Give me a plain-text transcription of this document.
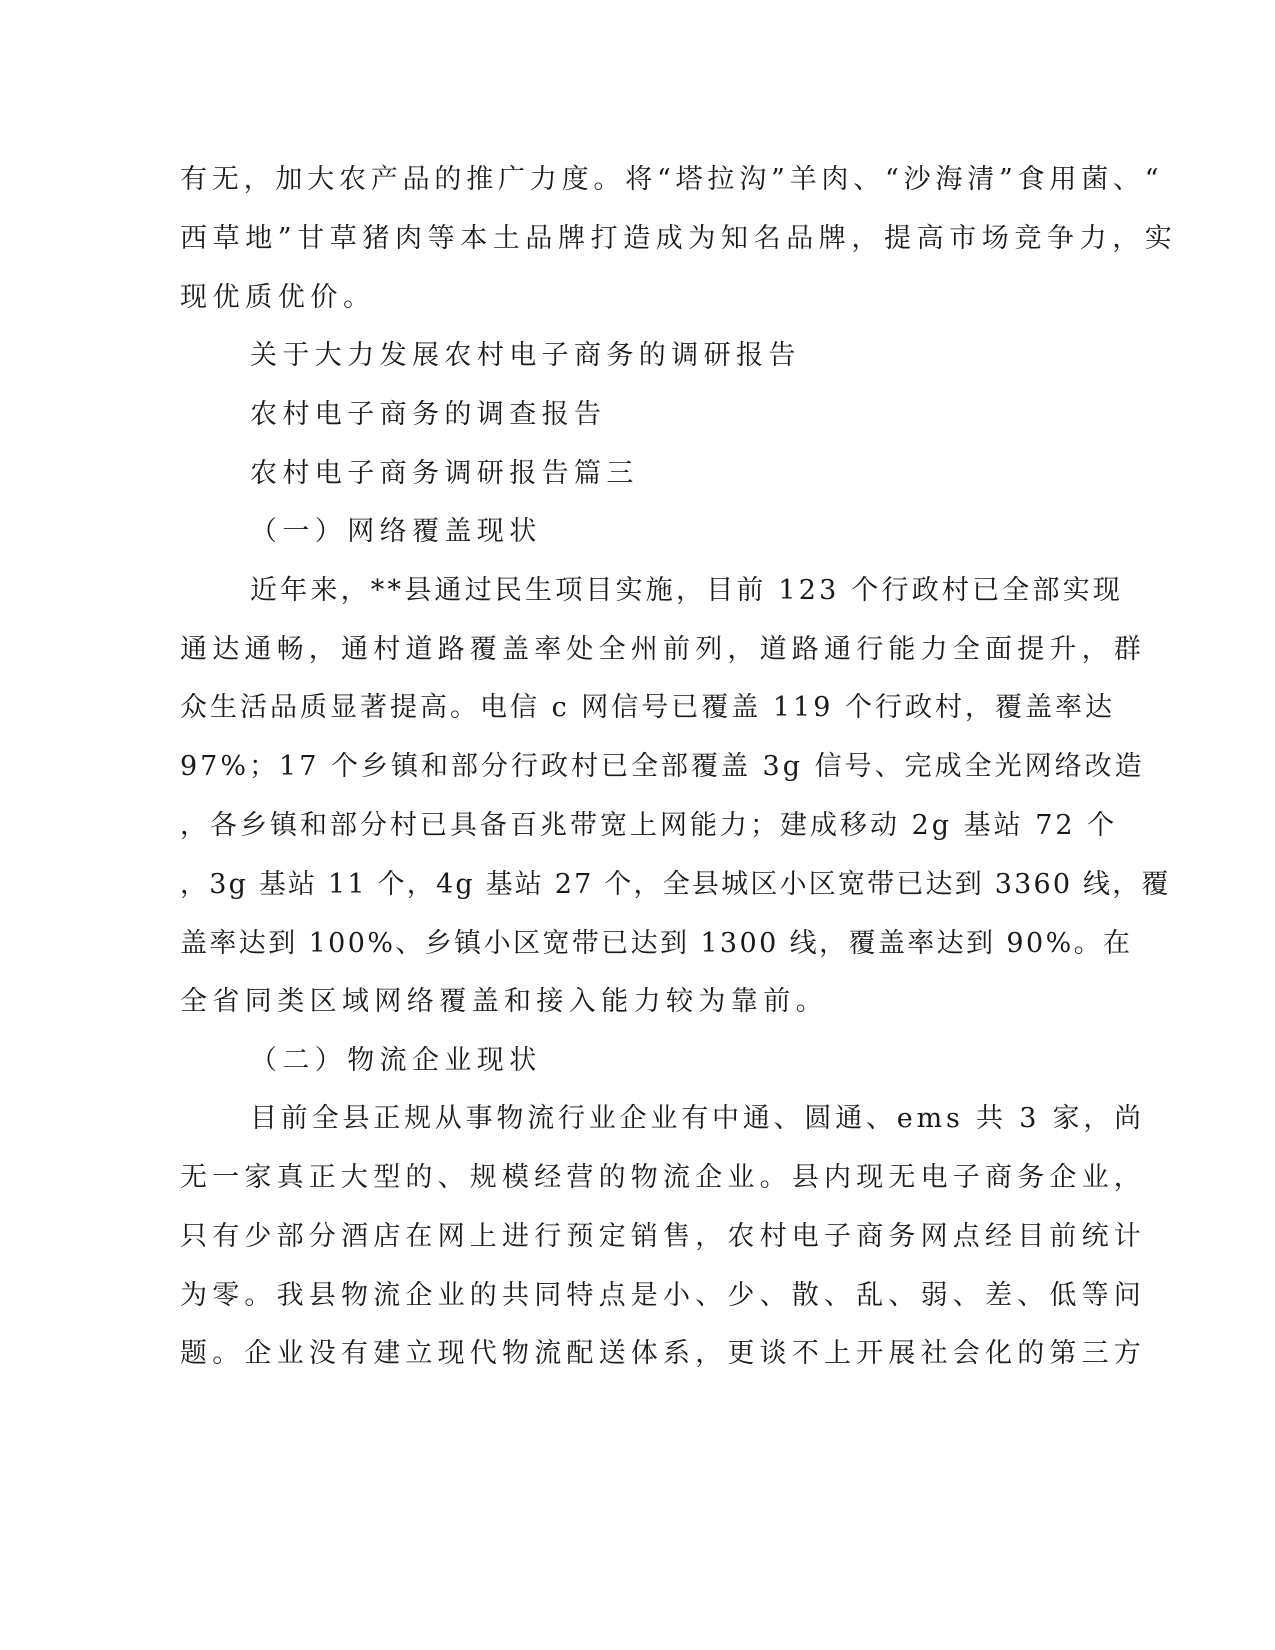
有无，加大农产品的推广力度。将“塔拉沟”羊肉、“沙海清”食用菌、“
西草地”甘草猪肉等本土品牌打造成为知名品牌，提高市场竞争力，实
现优质优价。
关于大力发展农村电子商务的调研报告
农村电子商务的调查报告
农村电子商务调研报告篇三
（一）网络覆盖现状
近年来，**县通过民生项目实施，目前 123 个行政村已全部实现
通达通畅，通村道路覆盖率处全州前列，道路通行能力全面提升，群
众生活品质显著提高。电信 c 网信号已覆盖 119 个行政村，覆盖率达
97%；17 个乡镇和部分行政村已全部覆盖 3g 信号、完成全光网络改造
，各乡镇和部分村已具备百兆带宽上网能力；建成移动 2g 基站 72 个
，3g 基站 11 个，4g 基站 27 个，全县城区小区宽带已达到 3360 线，覆
盖率达到 100%、乡镇小区宽带已达到 1300 线，覆盖率达到 90%。在
全省同类区域网络覆盖和接入能力较为靠前。
（二）物流企业现状
目前全县正规从事物流行业企业有中通、圆通、ems 共 3 家，尚
无一家真正大型的、规模经营的物流企业。县内现无电子商务企业，
只有少部分酒店在网上进行预定销售，农村电子商务网点经目前统计
为零。我县物流企业的共同特点是小、少、散、乱、弱、差、低等问
题。企业没有建立现代物流配送体系，更谈不上开展社会化的第三方
